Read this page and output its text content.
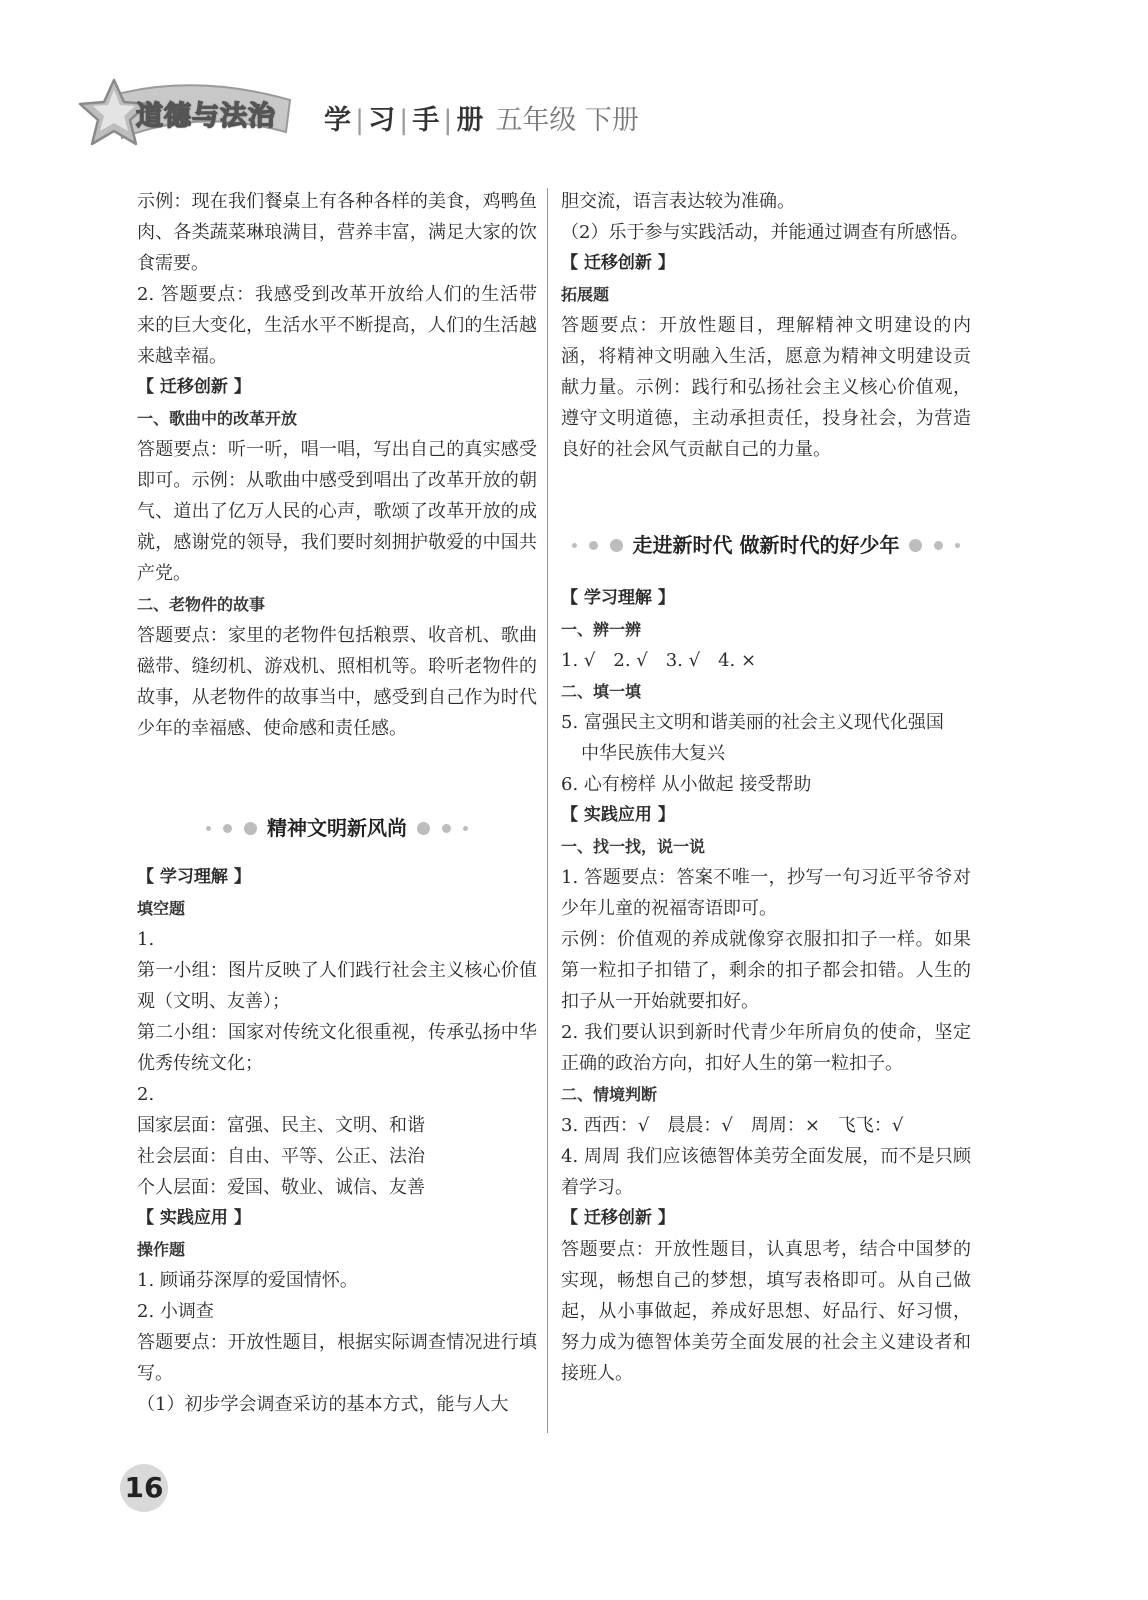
道德与法治 学 | 习 | 手 | 册 五年级 下册

示例：现在我们餐桌上有各种各样的美食，鸡鸭鱼肉、各类蔬菜琳琅满目，营养丰富，满足大家的饮食需要。

2. 答题要点：我感受到改革开放给人们的生活带来的巨大变化，生活水平不断提高，人们的生活越来越幸福。

【 迁移创新 】

一、歌曲中的改革开放

答题要点：听一听，唱一唱，写出自己的真实感受即可。示例：从歌曲中感受到唱出了改革开放的朝气、道出了亿万人民的心声，歌颂了改革开放的成就，感谢党的领导，我们要时刻拥护敬爱的中国共产党。

二、老物件的故事

答题要点：家里的老物件包括粮票、收音机、歌曲磁带、缝纫机、游戏机、照相机等。聆听老物件的故事，从老物件的故事当中，感受到自己作为时代少年的幸福感、使命感和责任感。

精神文明新风尚

【 学习理解 】

填空题

1.

第一小组：图片反映了人们践行社会主义核心价值观（文明、友善）；

第二小组：国家对传统文化很重视，传承弘扬中华优秀传统文化；

2.

国家层面：富强、民主、文明、和谐

社会层面：自由、平等、公正、法治

个人层面：爱国、敬业、诚信、友善

【 实践应用 】

操作题

1. 顾诵芬深厚的爱国情怀。

2. 小调查

答题要点：开放性题目，根据实际调查情况进行填写。

（1）初步学会调查采访的基本方式，能与人大

胆交流，语言表达较为准确。

（2）乐于参与实践活动，并能通过调查有所感悟。

【 迁移创新 】

拓展题

答题要点：开放性题目，理解精神文明建设的内涵，将精神文明融入生活，愿意为精神文明建设贡献力量。示例：践行和弘扬社会主义核心价值观，遵守文明道德，主动承担责任，投身社会，为营造良好的社会风气贡献自己的力量。

走进新时代 做新时代的好少年

【 学习理解 】

一、辨一辨

1. √　2. √　3. √　4. ×

二、填一填

5. 富强民主文明和谐美丽的社会主义现代化强国

中华民族伟大复兴

6. 心有榜样 从小做起 接受帮助

【 实践应用 】

一、找一找，说一说

1. 答题要点：答案不唯一，抄写一句习近平爷爷对少年儿童的祝福寄语即可。

示例：价值观的养成就像穿衣服扣扣子一样。如果第一粒扣子扣错了，剩余的扣子都会扣错。人生的扣子从一开始就要扣好。

2. 我们要认识到新时代青少年所肩负的使命，坚定正确的政治方向，扣好人生的第一粒扣子。

二、情境判断

3. 西西：√　晨晨：√　周周：×　飞飞：√

4. 周周 我们应该德智体美劳全面发展，而不是只顾着学习。

【 迁移创新 】

答题要点：开放性题目，认真思考，结合中国梦的实现，畅想自己的梦想，填写表格即可。从自己做起，从小事做起，养成好思想、好品行、好习惯，努力成为德智体美劳全面发展的社会主义建设者和接班人。

16
